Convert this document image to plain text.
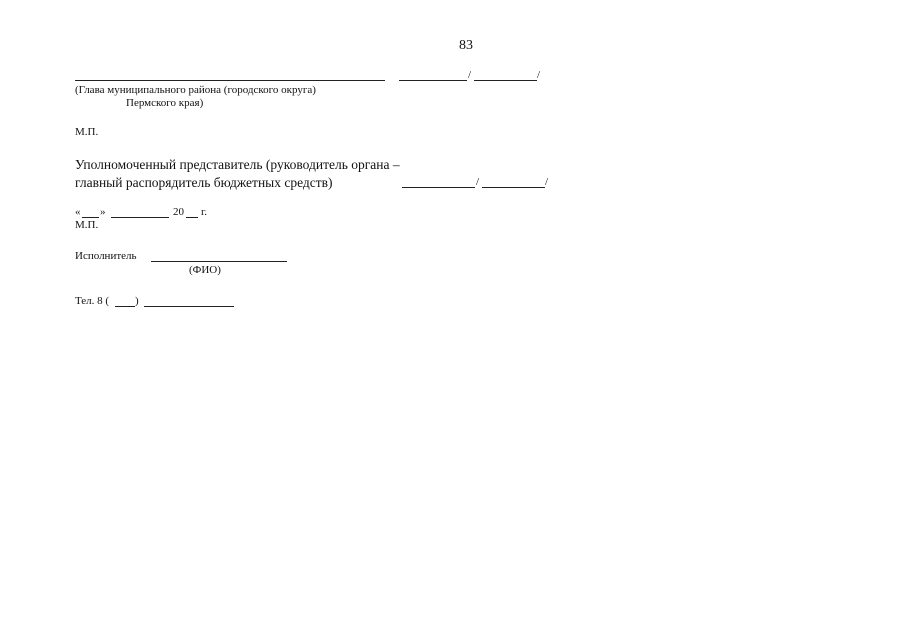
83
/	/
(Глава муниципального района (городского округа)
Пермского края)
М.П.
Уполномоченный представитель (руководитель органа –
главный распорядитель бюджетных средств)	/	/
« »	20 г.
М.П.
Исполнитель
(ФИО)
Тел. 8 ( )
